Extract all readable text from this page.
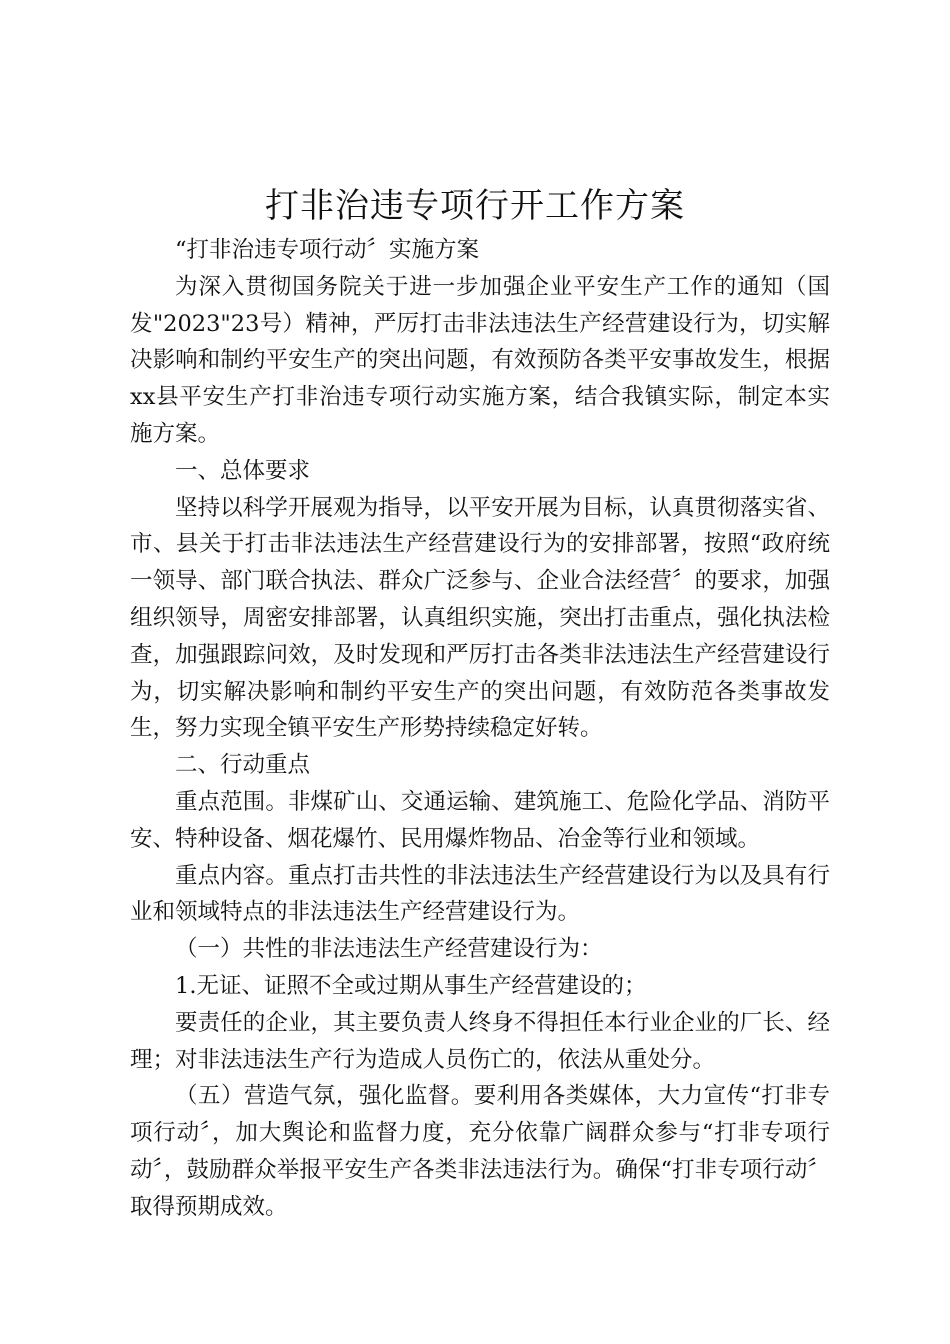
打非治违专项行开工作方案

“打非治违专项行动〞实施方案

为深入贯彻国务院关于进一步加强企业平安生产工作的通知（国发"2023"23号）精神，严厉打击非法违法生产经营建设行为，切实解决影响和制约平安生产的突出问题，有效预防各类平安事故发生，根据xx县平安生产打非治违专项行动实施方案，结合我镇实际，制定本实施方案。

一、总体要求

坚持以科学开展观为指导，以平安开展为目标，认真贯彻落实省、市、县关于打击非法违法生产经营建设行为的安排部署，按照“政府统一领导、部门联合执法、群众广泛参与、企业合法经营〞的要求，加强组织领导，周密安排部署，认真组织实施，突出打击重点，强化执法检查，加强跟踪问效，及时发现和严厉打击各类非法违法生产经营建设行为，切实解决影响和制约平安生产的突出问题，有效防范各类事故发生，努力实现全镇平安生产形势持续稳定好转。

二、行动重点

重点范围。非煤矿山、交通运输、建筑施工、危险化学品、消防平安、特种设备、烟花爆竹、民用爆炸物品、冶金等行业和领域。

重点内容。重点打击共性的非法违法生产经营建设行为以及具有行业和领域特点的非法违法生产经营建设行为。

（一）共性的非法违法生产经营建设行为：

1.无证、证照不全或过期从事生产经营建设的；

要责任的企业，其主要负责人终身不得担任本行业企业的厂长、经理；对非法违法生产行为造成人员伤亡的，依法从重处分。

（五）营造气氛，强化监督。要利用各类媒体，大力宣传“打非专项行动〞，加大舆论和监督力度，充分依靠广阔群众参与“打非专项行动〞，鼓励群众举报平安生产各类非法违法行为。确保“打非专项行动〞取得预期成效。
